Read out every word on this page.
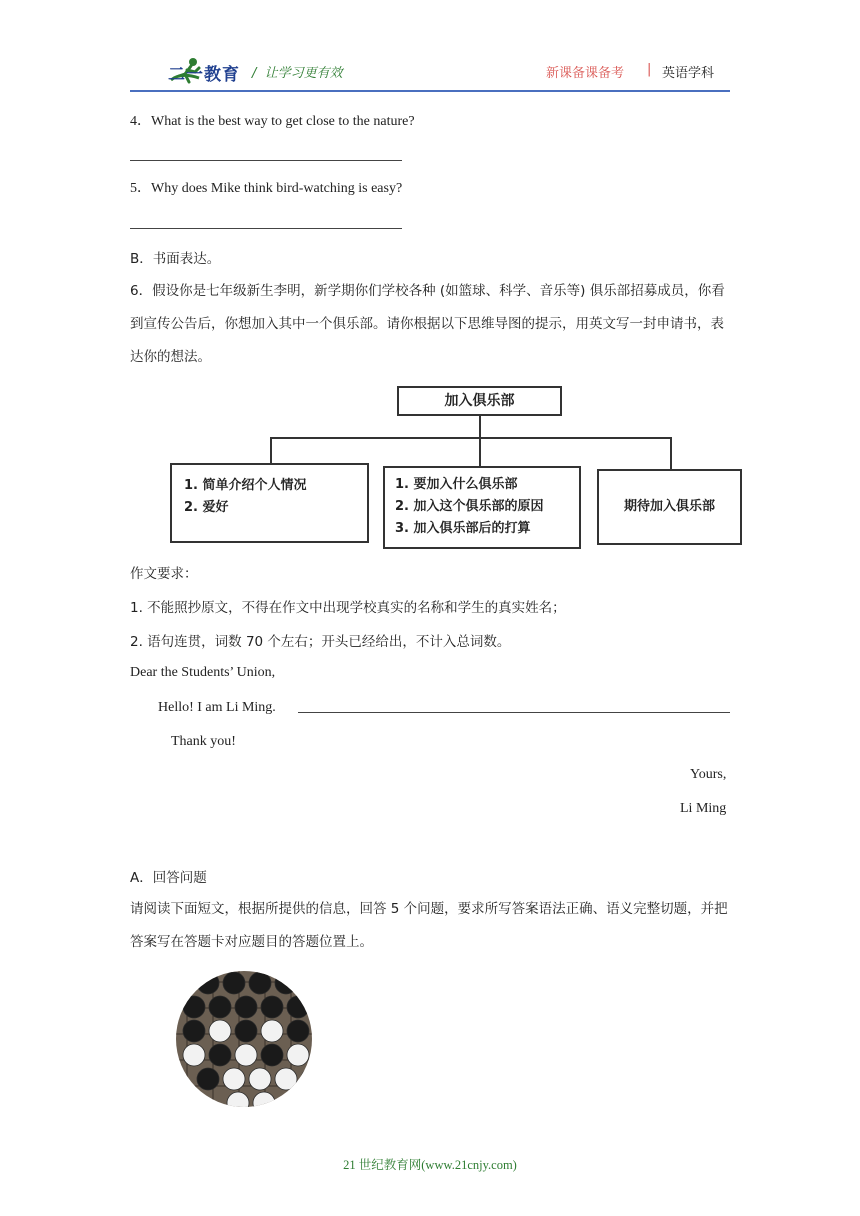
二一教育 / 让学习更有效	新课备课备考 | 英语学科
4．What is the best way to get close to the nature?
5．Why does Mike think bird-watching is easy?
B．书面表达。
6．假设你是七年级新生李明，新学期你们学校各种 (如篮球、科学、音乐等) 俱乐部招募成员，你看到宣传公告后，你想加入其中一个俱乐部。请你根据以下思维导图的提示，用英文写一封申请书，表达你的想法。
加入俱乐部
1. 简单介绍个人情况
2. 爱好
1. 要加入什么俱乐部
2. 加入这个俱乐部的原因
3. 加入俱乐部后的打算
期待加入俱乐部
作文要求：
1. 不能照抄原文，不得在作文中出现学校真实的名称和学生的真实姓名；
2. 语句连贯，词数 70 个左右；开头已经给出，不计入总词数。
Dear the Students’ Union,
Hello! I am Li Ming.
Thank you!
Yours,
Li Ming
A．回答问题
请阅读下面短文，根据所提供的信息，回答 5 个问题，要求所写答案语法正确、语义完整切题，并把答案写在答题卡对应题目的答题位置上。
21 世纪教育网(www.21cnjy.com)
